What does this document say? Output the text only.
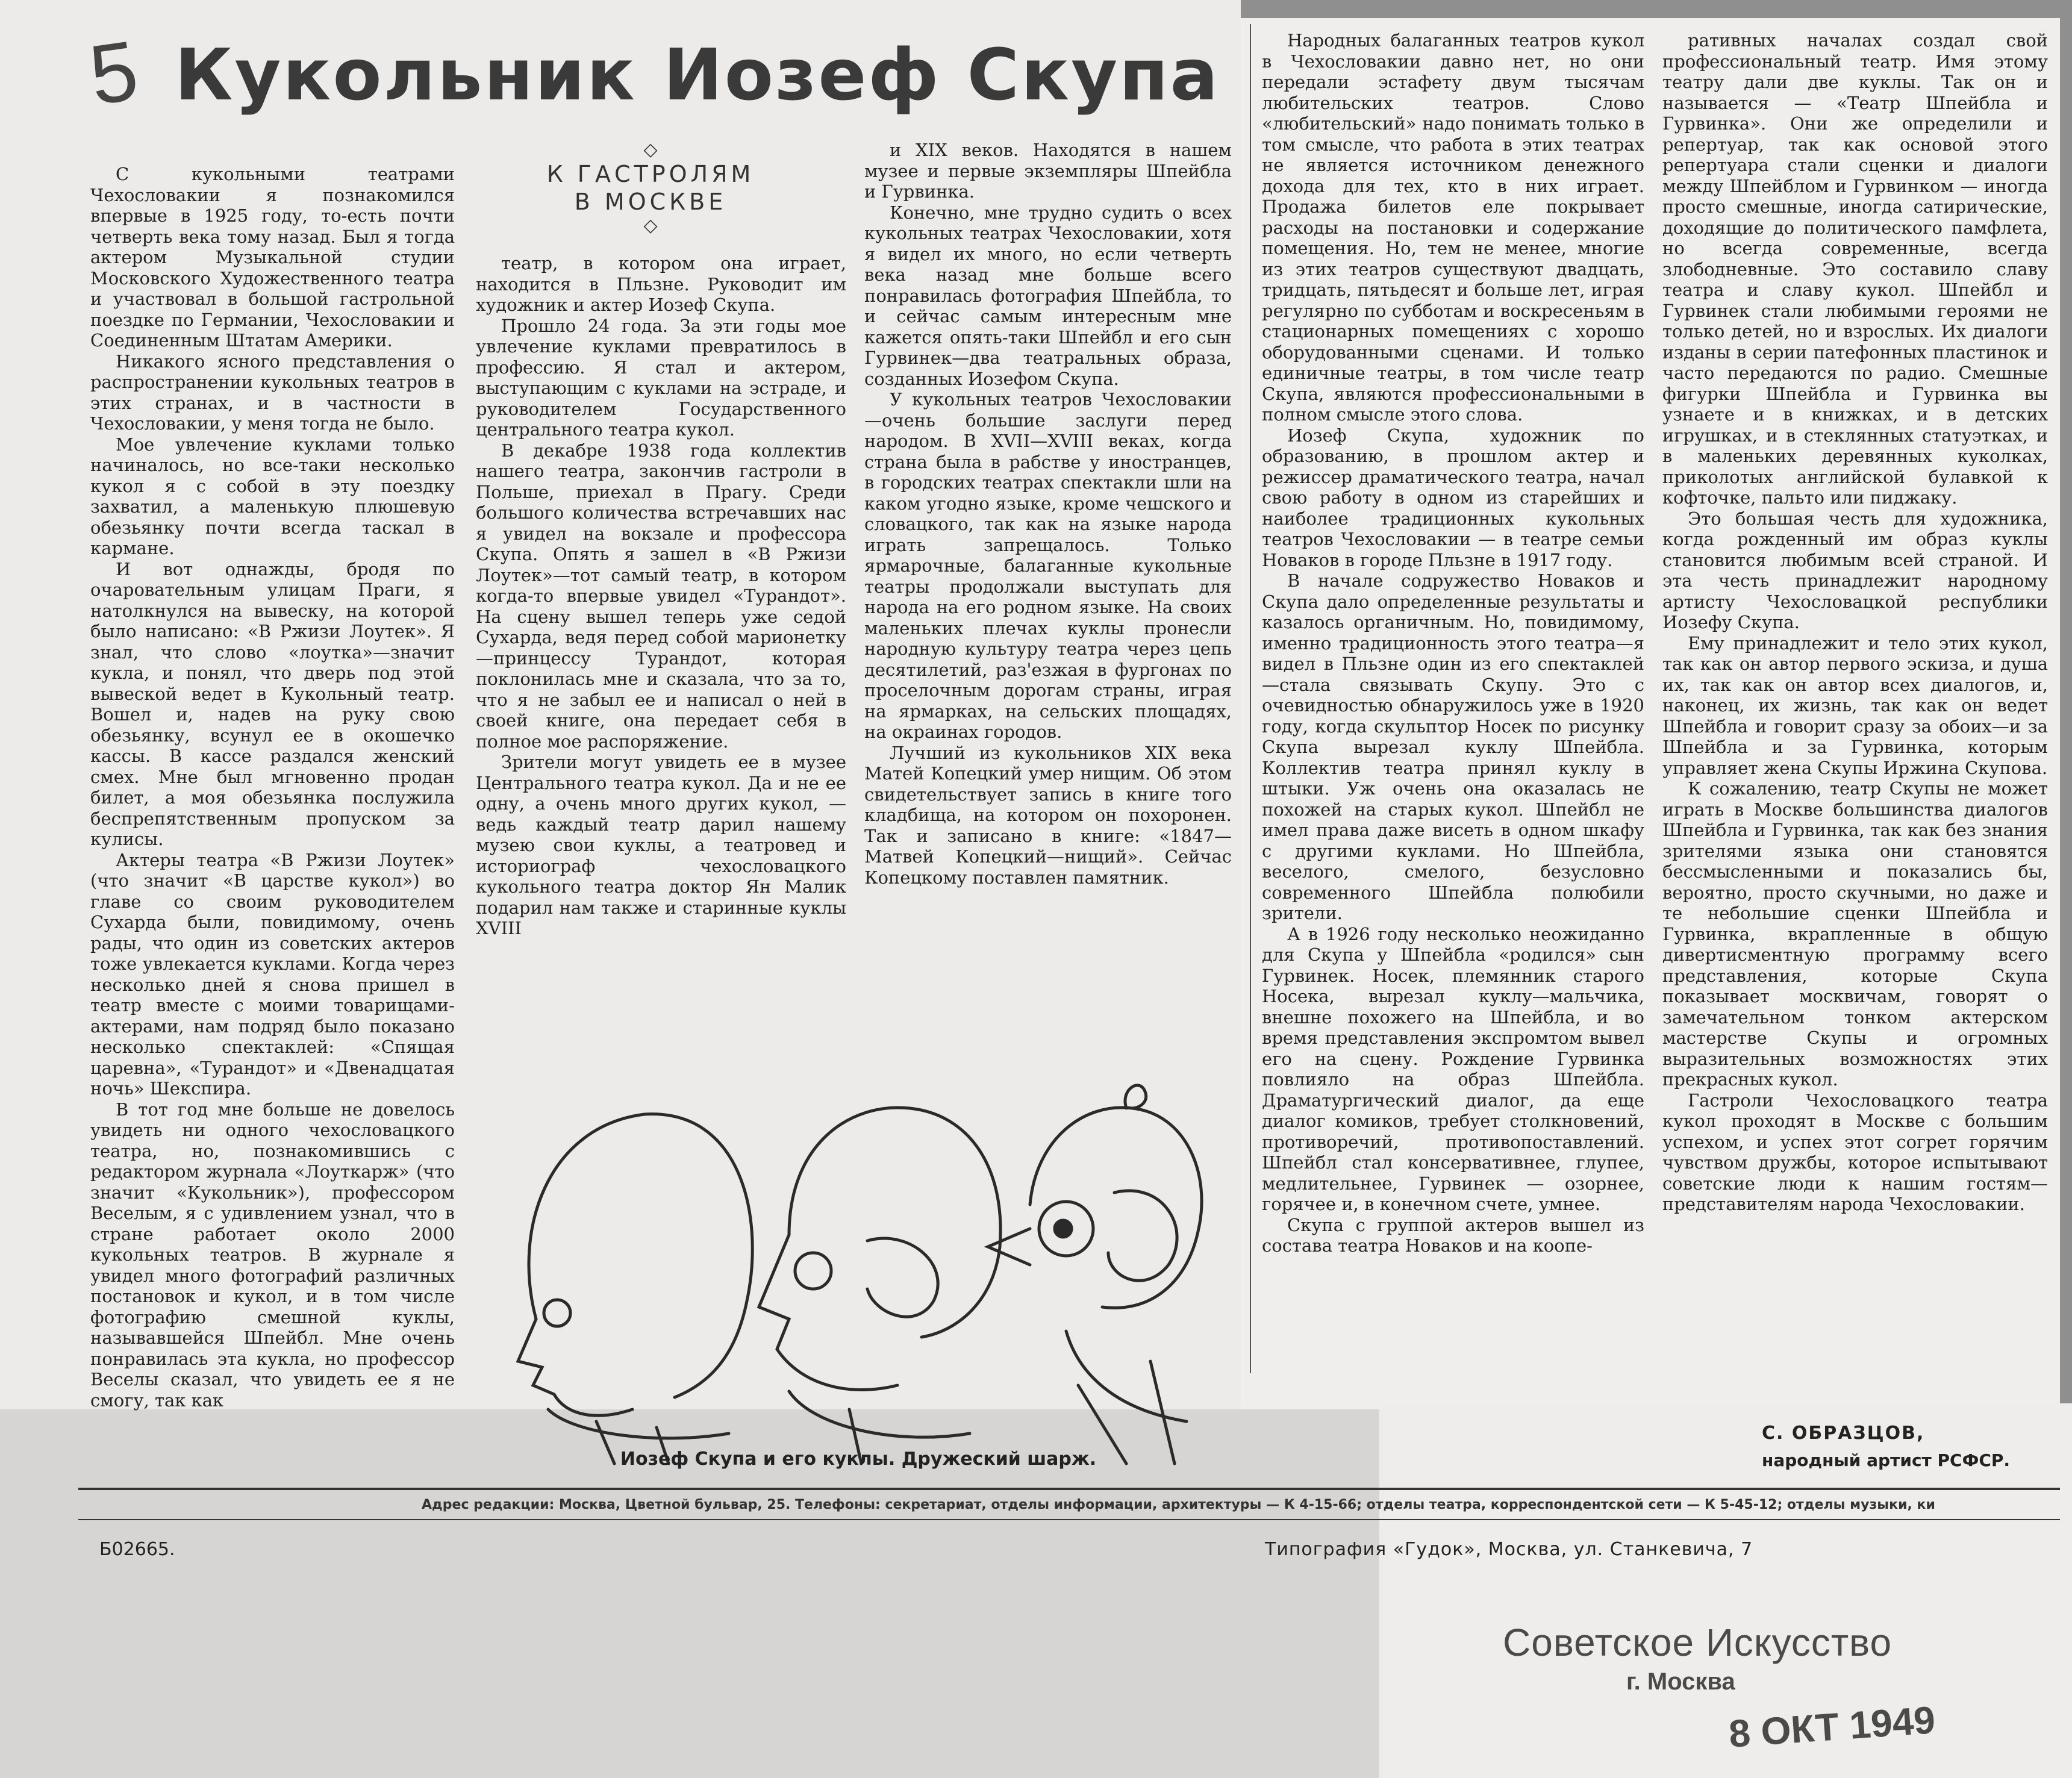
5 Кукольник Иозеф Скупа

С кукольными театрами Чехословакии я познакомился впервые в 1925 году, то-есть почти четверть века тому назад. Был я тогда актером Музыкальной студии Московского Художественного театра и участвовал в большой гастрольной поездке по Германии, Чехословакии и Соединенным Штатам Америки.

Никакого ясного представления о распространении кукольных театров в этих странах, и в частности в Чехословакии, у меня тогда не было.

Мое увлечение куклами только начиналось, но все-таки несколько кукол я с собой в эту поездку захватил, а маленькую плюшевую обезьянку почти всегда таскал в кармане.

И вот однажды, бродя по очаровательным улицам Праги, я натолкнулся на вывеску, на которой было написано: «В Ржизи Лоутек». Я знал, что слово «лоутка»—значит кукла, и понял, что дверь под этой вывеской ведет в Кукольный театр. Вошел и, надев на руку свою обезьянку, всунул ее в окошечко кассы. В кассе раздался женский смех. Мне был мгновенно продан билет, а моя обезьянка послужила беспрепятственным пропуском за кулисы.

Актеры театра «В Ржизи Лоутек» (что значит «В царстве кукол») во главе со своим руководителем Сухарда были, повидимому, очень рады, что один из советских актеров тоже увлекается куклами. Когда через несколько дней я снова пришел в театр вместе с моими товарищами-актерами, нам подряд было показано несколько спектаклей: «Спящая царевна», «Турандот» и «Двенадцатая ночь» Шекспира.

В тот год мне больше не довелось увидеть ни одного чехословацкого театра, но, познакомившись с редактором журнала «Лоуткарж» (что значит «Кукольник»), профессором Веселым, я с удивлением узнал, что в стране работает около 2000 кукольных театров. В журнале я увидел много фотографий различных постановок и кукол, и в том числе фотографию смешной куклы, называвшейся Шпейбл. Мне очень понравилась эта кукла, но профессор Веселы сказал, что увидеть ее я не смогу, так как

◇
К ГАСТРОЛЯМ
В МОСКВЕ
◇

театр, в котором она играет, находится в Пльзне. Руководит им художник и актер Иозеф Скупа.

Прошло 24 года. За эти годы мое увлечение куклами превратилось в профессию. Я стал и актером, выступающим с куклами на эстраде, и руководителем Государственного центрального театра кукол.

В декабре 1938 года коллектив нашего театра, закончив гастроли в Польше, приехал в Прагу. Среди большого количества встречавших нас я увидел на вокзале и профессора Скупа. Опять я зашел в «В Ржизи Лоутек»—тот самый театр, в котором когда-то впервые увидел «Турандот». На сцену вышел теперь уже седой Сухарда, ведя перед собой марионетку—принцессу Турандот, которая поклонилась мне и сказала, что за то, что я не забыл ее и написал о ней в своей книге, она передает себя в полное мое распоряжение.

Зрители могут увидеть ее в музее Центрального театра кукол. Да и не ее одну, а очень много других кукол, —ведь каждый театр дарил нашему музею свои куклы, а театровед и историограф чехословацкого кукольного театра доктор Ян Малик подарил нам также и старинные куклы XVIII

и XIX веков. Находятся в нашем музее и первые экземпляры Шпейбла и Гурвинка.

Конечно, мне трудно судить о всех кукольных театрах Чехословакии, хотя я видел их много, но если четверть века назад мне больше всего понравилась фотография Шпейбла, то и сейчас самым интересным мне кажется опять-таки Шпейбл и его сын Гурвинек—два театральных образа, созданных Иозефом Скупа.

У кукольных театров Чехословакии—очень большие заслуги перед народом. В XVII—XVIII веках, когда страна была в рабстве у иностранцев, в городских театрах спектакли шли на каком угодно языке, кроме чешского и словацкого, так как на языке народа играть запрещалось. Только ярмарочные, балаганные кукольные театры продолжали выступать для народа на его родном языке. На своих маленьких плечах куклы пронесли народную культуру театра через цепь десятилетий, раз'езжая в фургонах по проселочным дорогам страны, играя на ярмарках, на сельских площадях, на окраинах городов.

Лучший из кукольников XIX века Матей Копецкий умер нищим. Об этом свидетельствует запись в книге того кладбища, на котором он похоронен. Так и записано в книге: «1847—Матвей Копецкий—нищий». Сейчас Копецкому поставлен памятник.

Народных балаганных театров кукол в Чехословакии давно нет, но они передали эстафету двум тысячам любительских театров. Слово «любительский» надо понимать только в том смысле, что работа в этих театрах не является источником денежного дохода для тех, кто в них играет. Продажа билетов еле покрывает расходы на постановки и содержание помещения. Но, тем не менее, многие из этих театров существуют двадцать, тридцать, пятьдесят и больше лет, играя регулярно по субботам и воскресеньям в стационарных помещениях с хорошо оборудованными сценами. И только единичные театры, в том числе театр Скупа, являются профессиональными в полном смысле этого слова.

Иозеф Скупа, художник по образованию, в прошлом актер и режиссер драматического театра, начал свою работу в одном из старейших и наиболее традиционных кукольных театров Чехословакии — в театре семьи Новаков в городе Пльзне в 1917 году.

В начале содружество Новаков и Скупа дало определенные результаты и казалось органичным. Но, повидимому, именно традиционность этого театра—я видел в Пльзне один из его спектаклей—стала связывать Скупу. Это с очевидностью обнаружилось уже в 1920 году, когда скульптор Носек по рисунку Скупа вырезал куклу Шпейбла. Коллектив театра принял куклу в штыки. Уж очень она оказалась не похожей на старых кукол. Шпейбл не имел права даже висеть в одном шкафу с другими куклами. Но Шпейбла, веселого, смелого, безусловно современного Шпейбла полюбили зрители.

А в 1926 году несколько неожиданно для Скупа у Шпейбла «родился» сын Гурвинек. Носек, племянник старого Носека, вырезал куклу—мальчика, внешне похожего на Шпейбла, и во время представления экспромтом вывел его на сцену. Рождение Гурвинка повлияло на образ Шпейбла. Драматургический диалог, да еще диалог комиков, требует столкновений, противоречий, противопоставлений. Шпейбл стал консервативнее, глупее, медлительнее, Гурвинек — озорнее, горячее и, в конечном счете, умнее.

Скупа с группой актеров вышел из состава театра Новаков и на коопе-

ративных началах создал свой профессиональный театр. Имя этому театру дали две куклы. Так он и называется — «Театр Шпейбла и Гурвинка». Они же определили и репертуар, так как основой этого репертуара стали сценки и диалоги между Шпейблом и Гурвинком — иногда просто смешные, иногда сатирические, доходящие до политического памфлета, но всегда современные, всегда злободневные. Это составило славу театра и славу кукол. Шпейбл и Гурвинек стали любимыми героями не только детей, но и взрослых. Их диалоги изданы в серии патефонных пластинок и часто передаются по радио. Смешные фигурки Шпейбла и Гурвинка вы узнаете и в книжках, и в детских игрушках, и в стеклянных статуэтках, и в маленьких деревянных куколках, приколотых английской булавкой к кофточке, пальто или пиджаку.

Это большая честь для художника, когда рожденный им образ куклы становится любимым всей страной. И эта честь принадлежит народному артисту Чехословацкой республики Иозефу Скупа.

Ему принадлежит и тело этих кукол, так как он автор первого эскиза, и душа их, так как он автор всех диалогов, и, наконец, их жизнь, так как он ведет Шпейбла и говорит сразу за обоих—и за Шпейбла и за Гурвинка, которым управляет жена Скупы Иржина Скупова.

К сожалению, театр Скупы не может играть в Москве большинства диалогов Шпейбла и Гурвинка, так как без знания зрителями языка они становятся бессмысленными и показались бы, вероятно, просто скучными, но даже и те небольшие сценки Шпейбла и Гурвинка, вкрапленные в общую дивертисментную программу всего представления, которые Скупа показывает москвичам, говорят о замечательном тонком актерском мастерстве Скупы и огромных выразительных возможностях этих прекрасных кукол.

Гастроли Чехословацкого театра кукол проходят в Москве с большим успехом, и успех этот согрет горячим чувством дружбы, которое испытывают советские люди к нашим гостям—представителям народа Чехословакии.

С. ОБРАЗЦОВ,
народный артист РСФСР.
Иозеф Скупа и его куклы. Дружеский шарж.
Адрес редакции: Москва, Цветной бульвар, 25. Телефоны: секретариат, отделы информации, архитектуры — К 4-15-66; отделы театра, корреспондентской сети — К 5-45-12; отделы музыки, ки
Б02665.	Типография «Гудок», Москва, ул. Станкевича, 7
Советское Искусство
г. Москва
8 ОКТ 1949
